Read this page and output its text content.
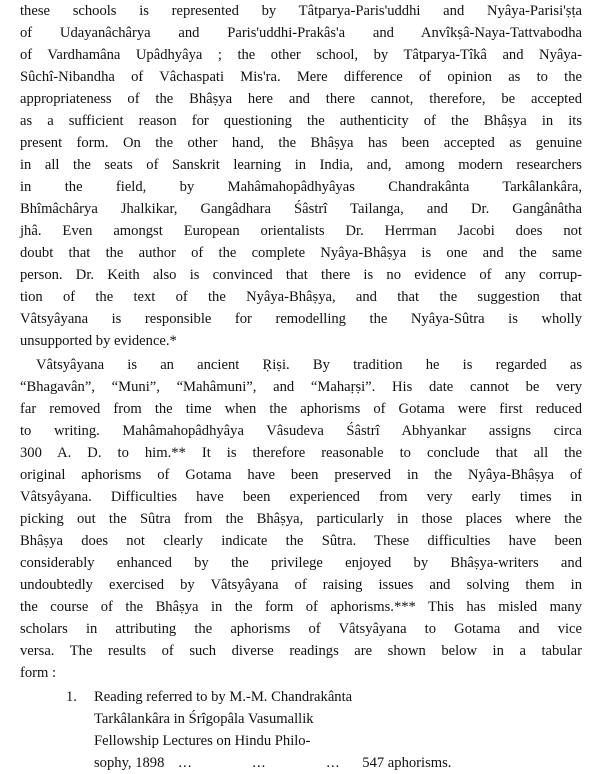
these schools is represented by Tâtparya-Paris'uddhi and Nyâya-Parisi'ṣṭa
of Udayanâchârya and Paris'uddhi-Prakâs'a and Anvîkṣâ-Naya-Tattvabodha
of Vardhamâna Upâdhyâya ; the other school, by Tâtparya-Tîkâ and Nyâya-
Sûchî-Nibandha of Vâchaspati Mis'ra. Mere difference of opinion as to the
appropriateness of the Bhâṣya here and there cannot, therefore, be accepted
as a sufficient reason for questioning the authenticity of the Bhâṣya in its
present form. On the other hand, the Bhâṣya has been accepted as genuine
in all the seats of Sanskrit learning in India, and, among modern researchers
in the field, by Mahâmahopâdhyâyas Chandrakânta Tarkâlankâra,
Bhîmâchârya Jhalkikar, Gangâdhara Śâstrî Tailanga, and Dr. Gangânâtha
jhâ. Even amongst European orientalists Dr. Herrman Jacobi does not
doubt that the author of the complete Nyâya-Bhâṣya is one and the same
person. Dr. Keith also is convinced that there is no evidence of any corrup-
tion of the text of the Nyâya-Bhâṣya, and that the suggestion that
Vâtsyâyana is responsible for remodelling the Nyâya-Sûtra is wholly
unsupported by evidence.*
Vâtsyâyana is an ancient Ṛiṣi. By tradition he is regarded as
“Bhagavân”, “Muni”, “Mahâmuni”, and “Mahaṛṣi”. His date cannot be very
far removed from the time when the aphorisms of Gotama were first reduced
to writing. Mahâmahopâdhyâya Vâsudeva Śâstrî Abhyankar assigns circa
300 A. D. to him.** It is therefore reasonable to conclude that all the
original aphorisms of Gotama have been preserved in the Nyâya-Bhâṣya of
Vâtsyâyana. Difficulties have been experienced from very early times in
picking out the Sûtra from the Bhâṣya, particularly in those places where the
Bhâṣya does not clearly indicate the Sûtra. These difficulties have been
considerably enhanced by the privilege enjoyed by Bhâṣya-writers and
undoubtedly exercised by Vâtsyâyana of raising issues and solving them in
the course of the Bhâṣya in the form of aphorisms.*** This has misled many
scholars in attributing the aphorisms of Vâtsyâyana to Gotama and vice
versa. The results of such diverse readings are shown below in a tabular
form :
1. Reading referred to by M.-M. Chandrakânta
Tarkâlankâra in Śrîgopâla Vasumallik
Fellowship Lectures on Hindu Philo-
sophy, 1898 ...	...	... 547 aphorisms.
